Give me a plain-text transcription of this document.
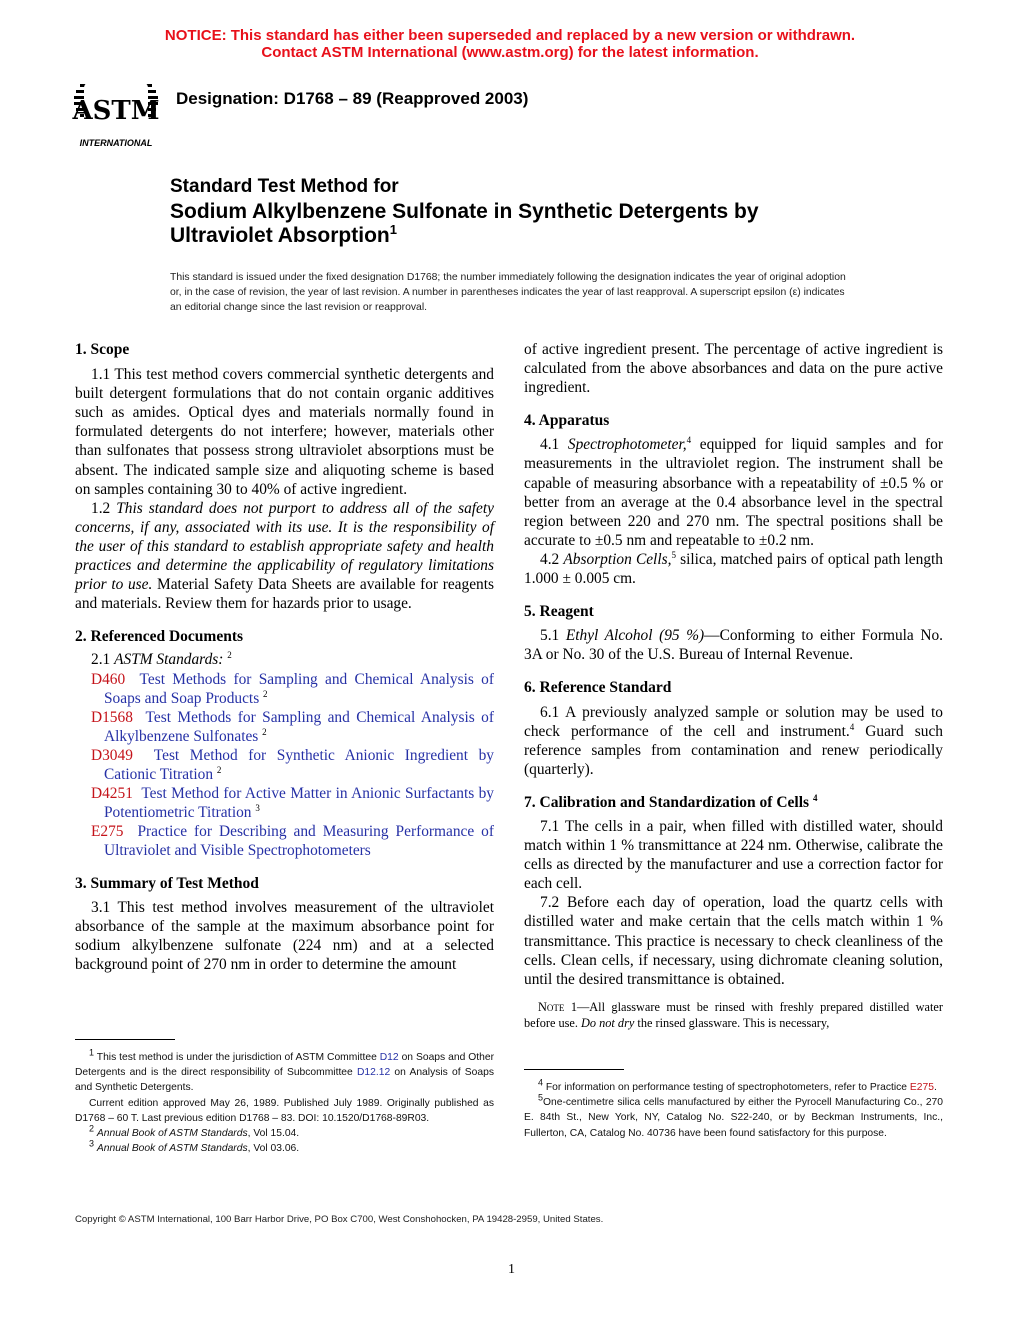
NOTICE: This standard has either been superseded and replaced by a new version or withdrawn.
Contact ASTM International (www.astm.org) for the latest information.
ASTM
INTERNATIONAL
Designation: D1768 – 89 (Reapproved 2003)
Standard Test Method for
Sodium Alkylbenzene Sulfonate in Synthetic Detergents by
Ultraviolet Absorption$^1$
This standard is issued under the fixed designation D1768; the number immediately following the designation indicates the year of original adoption or, in the case of revision, the year of last revision. A number in parentheses indicates the year of last reapproval. A superscript epsilon (ε) indicates an editorial change since the last revision or reapproval.
1. Scope
1.1 This test method covers commercial synthetic detergents and built detergent formulations that do not contain organic additives such as amides. Optical dyes and materials normally found in formulated detergents do not interfere; however, materials other than sulfonates that possess strong ultraviolet absorptions must be absent. The indicated sample size and aliquoting scheme is based on samples containing 30 to 40% of active ingredient.
1.2 This standard does not purport to address all of the safety concerns, if any, associated with its use. It is the responsibility of the user of this standard to establish appropriate safety and health practices and determine the applicability of regulatory limitations prior to use. Material Safety Data Sheets are available for reagents and materials. Review them for hazards prior to usage.
2. Referenced Documents
2.1 ASTM Standards: $^2$
D460 Test Methods for Sampling and Chemical Analysis of Soaps and Soap Products $^2$
D1568 Test Methods for Sampling and Chemical Analysis of Alkylbenzene Sulfonates $^2$
D3049 Test Method for Synthetic Anionic Ingredient by Cationic Titration $^2$
D4251 Test Method for Active Matter in Anionic Surfactants by Potentiometric Titration $^3$
E275 Practice for Describing and Measuring Performance of Ultraviolet and Visible Spectrophotometers
3. Summary of Test Method
3.1 This test method involves measurement of the ultraviolet absorbance of the sample at the maximum absorbance point for sodium alkylbenzene sulfonate (224 nm) and at a selected background point of 270 nm in order to determine the amount
$^1$ This test method is under the jurisdiction of ASTM Committee D12 on Soaps and Other Detergents and is the direct responsibility of Subcommittee D12.12 on Analysis of Soaps and Synthetic Detergents.
Current edition approved May 26, 1989. Published July 1989. Originally published as D1768 – 60 T. Last previous edition D1768 – 83. DOI: 10.1520/D1768-89R03.
$^2$ Annual Book of ASTM Standards, Vol 15.04.
$^3$ Annual Book of ASTM Standards, Vol 03.06.
of active ingredient present. The percentage of active ingredient is calculated from the above absorbances and data on the pure active ingredient.
4. Apparatus
4.1 Spectrophotometer,$^4$ equipped for liquid samples and for measurements in the ultraviolet region. The instrument shall be capable of measuring absorbance with a repeatability of ±0.5 % or better from an average at the 0.4 absorbance level in the spectral region between 220 and 270 nm. The spectral positions shall be accurate to ±0.5 nm and repeatable to ±0.2 nm.
4.2 Absorption Cells,$^5$ silica, matched pairs of optical path length 1.000 ± 0.005 cm.
5. Reagent
5.1 Ethyl Alcohol (95 %)—Conforming to either Formula No. 3A or No. 30 of the U.S. Bureau of Internal Revenue.
6. Reference Standard
6.1 A previously analyzed sample or solution may be used to check performance of the cell and instrument.$^4$ Guard such reference samples from contamination and renew periodically (quarterly).
7. Calibration and Standardization of Cells $^4$
7.1 The cells in a pair, when filled with distilled water, should match within 1 % transmittance at 224 nm. Otherwise, calibrate the cells as directed by the manufacturer and use a correction factor for each cell.
7.2 Before each day of operation, load the quartz cells with distilled water and make certain that the cells match within 1 % transmittance. This practice is necessary to check cleanliness of the cells. Clean cells, if necessary, using dichromate cleaning solution, until the desired transmittance is obtained.
Note 1—All glassware must be rinsed with freshly prepared distilled water before use. Do not dry the rinsed glassware. This is necessary,
$^4$ For information on performance testing of spectrophotometers, refer to Practice E275.
$^5$One-centimetre silica cells manufactured by either the Pyrocell Manufacturing Co., 270 E. 84th St., New York, NY, Catalog No. S22-240, or by Beckman Instruments, Inc., Fullerton, CA, Catalog No. 40736 have been found satisfactory for this purpose.
Copyright © ASTM International, 100 Barr Harbor Drive, PO Box C700, West Conshohocken, PA 19428-2959, United States.
1
